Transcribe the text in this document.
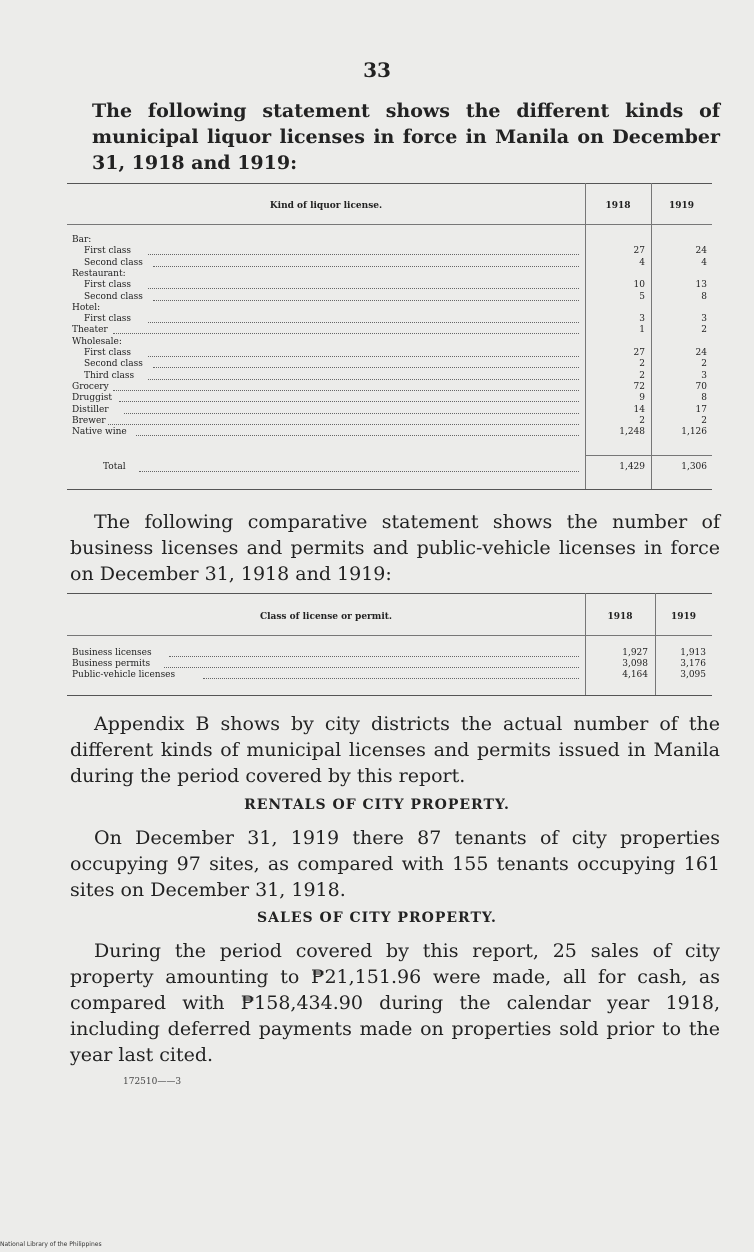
33
The following statement shows the different kinds of municipal liquor licenses in force in Manila on December 31, 1918 and 1919:
Kind of liquor license.	1918	1919
Bar:
First class	27	24
Second class	4	4
Restaurant:
First class	10	13
Second class	5	8
Hotel:
First class	3	3
Theater	1	2
Wholesale:
First class	27	24
Second class	2	2
Third class	2	3
Grocery	72	70
Druggist	9	8
Distiller	14	17
Brewer	2	2
Native wine	1,248	1,126
Total	1,429	1,306
The following comparative statement shows the number of business licenses and permits and public-vehicle licenses in force on December 31, 1918 and 1919:
Class of license or permit.	1918	1919
Business licenses	1,927	1,913
Business permits	3,098	3,176
Public-vehicle licenses	4,164	3,095
Appendix B shows by city districts the actual number of the different kinds of municipal licenses and permits issued in Manila during the period covered by this report.
RENTALS OF CITY PROPERTY.
On December 31, 1919 there 87 tenants of city properties occupying 97 sites, as compared with 155 tenants occupying 161 sites on December 31, 1918.
SALES OF CITY PROPERTY.
During the period covered by this report, 25 sales of city property amounting to ₱21,151.96 were made, all for cash, as compared with ₱158,434.90 during the calendar year 1918, including deferred payments made on properties sold prior to the year last cited.
172510——3
National Library of the Philippines
